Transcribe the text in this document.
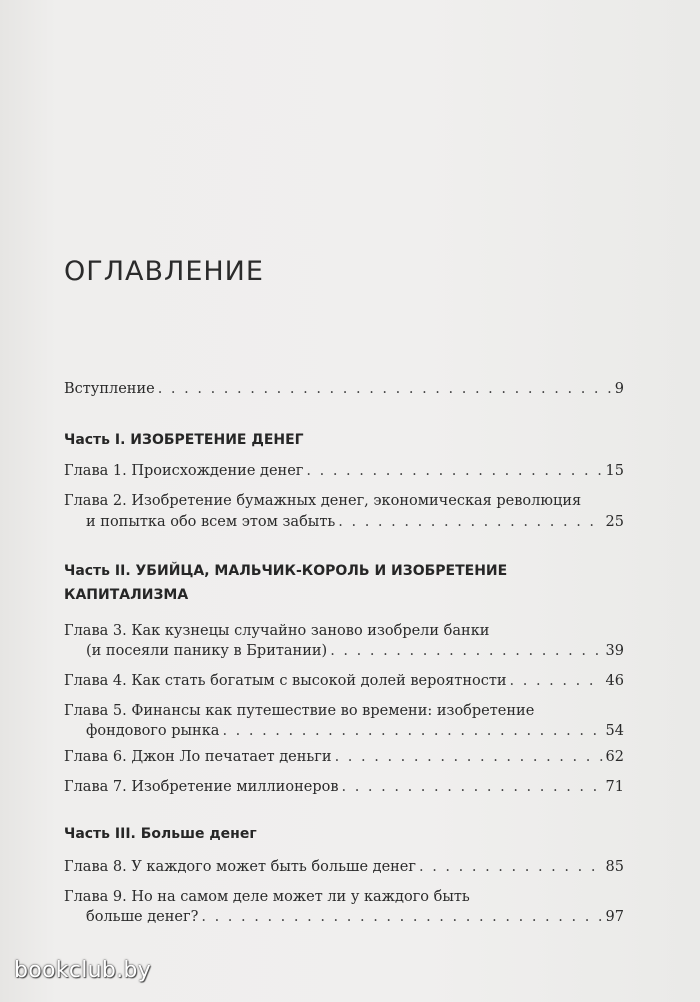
ОГЛАВЛЕНИЕ
Вступление . . .	9
Часть I. ИЗОБРЕТЕНИЕ ДЕНЕГ
Глава 1. Происхождение денег . . .	15
Глава 2. Изобретение бумажных денег, экономическая революция
и попытка обо всем этом забыть . . .	25
Часть II. УБИЙЦА, МАЛЬЧИК-КОРОЛЬ И ИЗОБРЕТЕНИЕ
КАПИТАЛИЗМА
Глава 3. Как кузнецы случайно заново изобрели банки
(и посеяли панику в Британии) . . .	39
Глава 4. Как стать богатым с высокой долей вероятности . . .	46
Глава 5. Финансы как путешествие во времени: изобретение
фондового рынка . . .	54
Глава 6. Джон Ло печатает деньги . . .	62
Глава 7. Изобретение миллионеров . . .	71
Часть III. Больше денег
Глава 8. У каждого может быть больше денег . . .	85
Глава 9. Но на самом деле может ли у каждого быть
больше денег? . . .	97
bookclub.by
